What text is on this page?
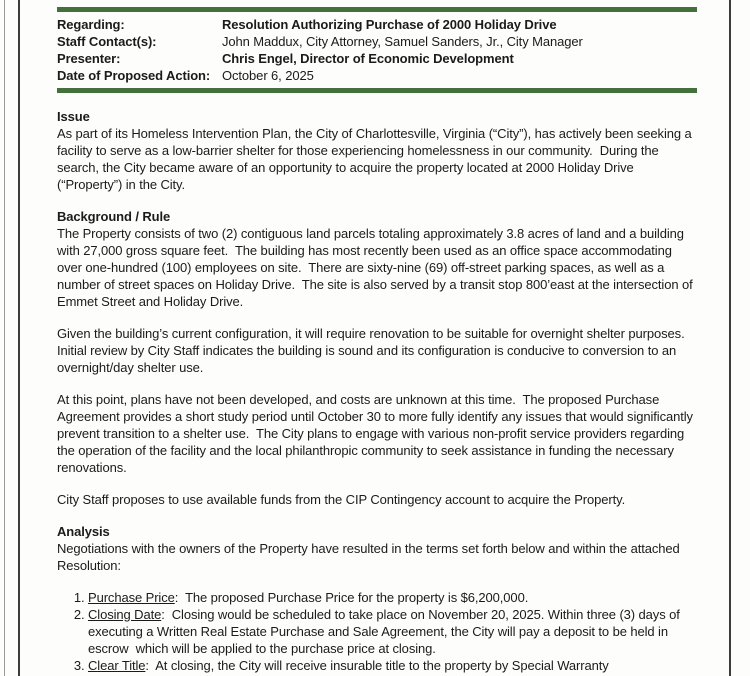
Regarding:	Resolution Authorizing Purchase of 2000 Holiday Drive
Staff Contact(s):	John Maddux, City Attorney, Samuel Sanders, Jr., City Manager
Presenter:	Chris Engel, Director of Economic Development
Date of Proposed Action:	October 6, 2025
Issue

As part of its Homeless Intervention Plan, the City of Charlottesville, Virginia (“City”), has actively been seeking a facility to serve as a low-barrier shelter for those experiencing homelessness in our community.  During the search, the City became aware of an opportunity to acquire the property located at 2000 Holiday Drive (“Property”) in the City.

Background / Rule

The Property consists of two (2) contiguous land parcels totaling approximately 3.8 acres of land and a building with 27,000 gross square feet.  The building has most recently been used as an office space accommodating over one-hundred (100) employees on site.  There are sixty-nine (69) off-street parking spaces, as well as a number of street spaces on Holiday Drive.  The site is also served by a transit stop 800’east at the intersection of Emmet Street and Holiday Drive.

Given the building’s current configuration, it will require renovation to be suitable for overnight shelter purposes.  Initial review by City Staff indicates the building is sound and its configuration is conducive to conversion to an overnight/day shelter use.

At this point, plans have not been developed, and costs are unknown at this time.  The proposed Purchase Agreement provides a short study period until October 30 to more fully identify any issues that would significantly prevent transition to a shelter use.  The City plans to engage with various non-profit service providers regarding the operation of the facility and the local philanthropic community to seek assistance in funding the necessary renovations.

City Staff proposes to use available funds from the CIP Contingency account to acquire the Property.

Analysis

Negotiations with the owners of the Property have resulted in the terms set forth below and within the attached Resolution:

1. Purchase Price:  The proposed Purchase Price for the property is $6,200,000.
2. Closing Date:  Closing would be scheduled to take place on November 20, 2025. Within three (3) days of executing a Written Real Estate Purchase and Sale Agreement, the City will pay a deposit to be held in escrow  which will be applied to the purchase price at closing.
3. Clear Title:  At closing, the City will receive insurable title to the property by Special Warranty
